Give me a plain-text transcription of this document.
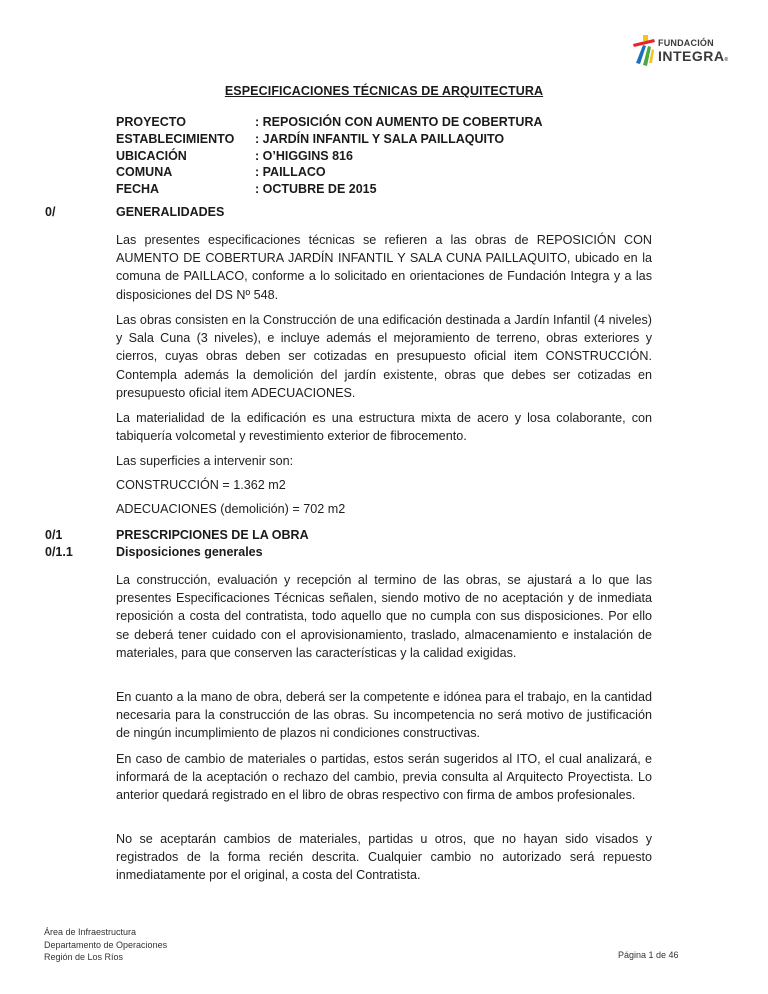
FUNDACIÓN
INTEGRA®
ESPECIFICACIONES TÉCNICAS DE ARQUITECTURA
PROYECTO	: REPOSICIÓN CON AUMENTO DE COBERTURA
ESTABLECIMIENTO	: JARDÍN INFANTIL Y SALA PAILLAQUITO
UBICACIÓN	: O’HIGGINS 816
COMUNA	: PAILLACO
FECHA	: OCTUBRE DE 2015
0/	GENERALIDADES

Las presentes especificaciones técnicas se refieren a las obras de REPOSICIÓN CON AUMENTO DE COBERTURA JARDÍN INFANTIL Y SALA CUNA PAILLAQUITO, ubicado en la comuna de PAILLACO, conforme a lo solicitado en orientaciones de Fundación Integra y a las disposiciones del DS Nº 548.

Las obras consisten en la Construcción de una edificación destinada a Jardín Infantil (4 niveles) y Sala Cuna (3 niveles), e incluye además el mejoramiento de terreno, obras exteriores y cierros, cuyas obras deben ser cotizadas en presupuesto oficial item CONSTRUCCIÓN. Contempla además la demolición del jardín existente, obras que debes ser cotizadas en presupuesto oficial item ADECUACIONES.

La materialidad de la edificación es una estructura mixta de acero y losa colaborante, con tabiquería volcometal y revestimiento exterior de fibrocemento.

Las superficies a intervenir son:

CONSTRUCCIÓN = 1.362 m2

ADECUACIONES (demolición) = 702 m2

0/1	PRESCRIPCIONES DE LA OBRA
0/1.1	Disposiciones generales

La construcción, evaluación y recepción al termino de las obras, se ajustará a lo que las presentes Especificaciones Técnicas señalen, siendo motivo de no aceptación y de inmediata reposición a costa del contratista, todo aquello que no cumpla con sus disposiciones. Por ello se deberá tener cuidado con el aprovisionamiento, traslado, almacenamiento e instalación de materiales, para que conserven las características y la calidad exigidas.

En cuanto a la mano de obra, deberá ser la competente e idónea para el trabajo, en la cantidad necesaria para la construcción de las obras. Su incompetencia no será motivo de justificación de ningún incumplimiento de plazos ni condiciones constructivas.

En caso de cambio de materiales o partidas, estos serán sugeridos al ITO, el cual analizará, e informará de la aceptación o rechazo del cambio, previa consulta al Arquitecto Proyectista. Lo anterior quedará registrado en el libro de obras respectivo con firma de ambos profesionales.

No se aceptarán cambios de materiales, partidas u otros, que no hayan sido visados y registrados de la forma recién descrita. Cualquier cambio no autorizado será repuesto inmediatamente por el original, a costa del Contratista.

Área de Infraestructura
Departamento de Operaciones
Región de Los Ríos	Página 1 de 46
